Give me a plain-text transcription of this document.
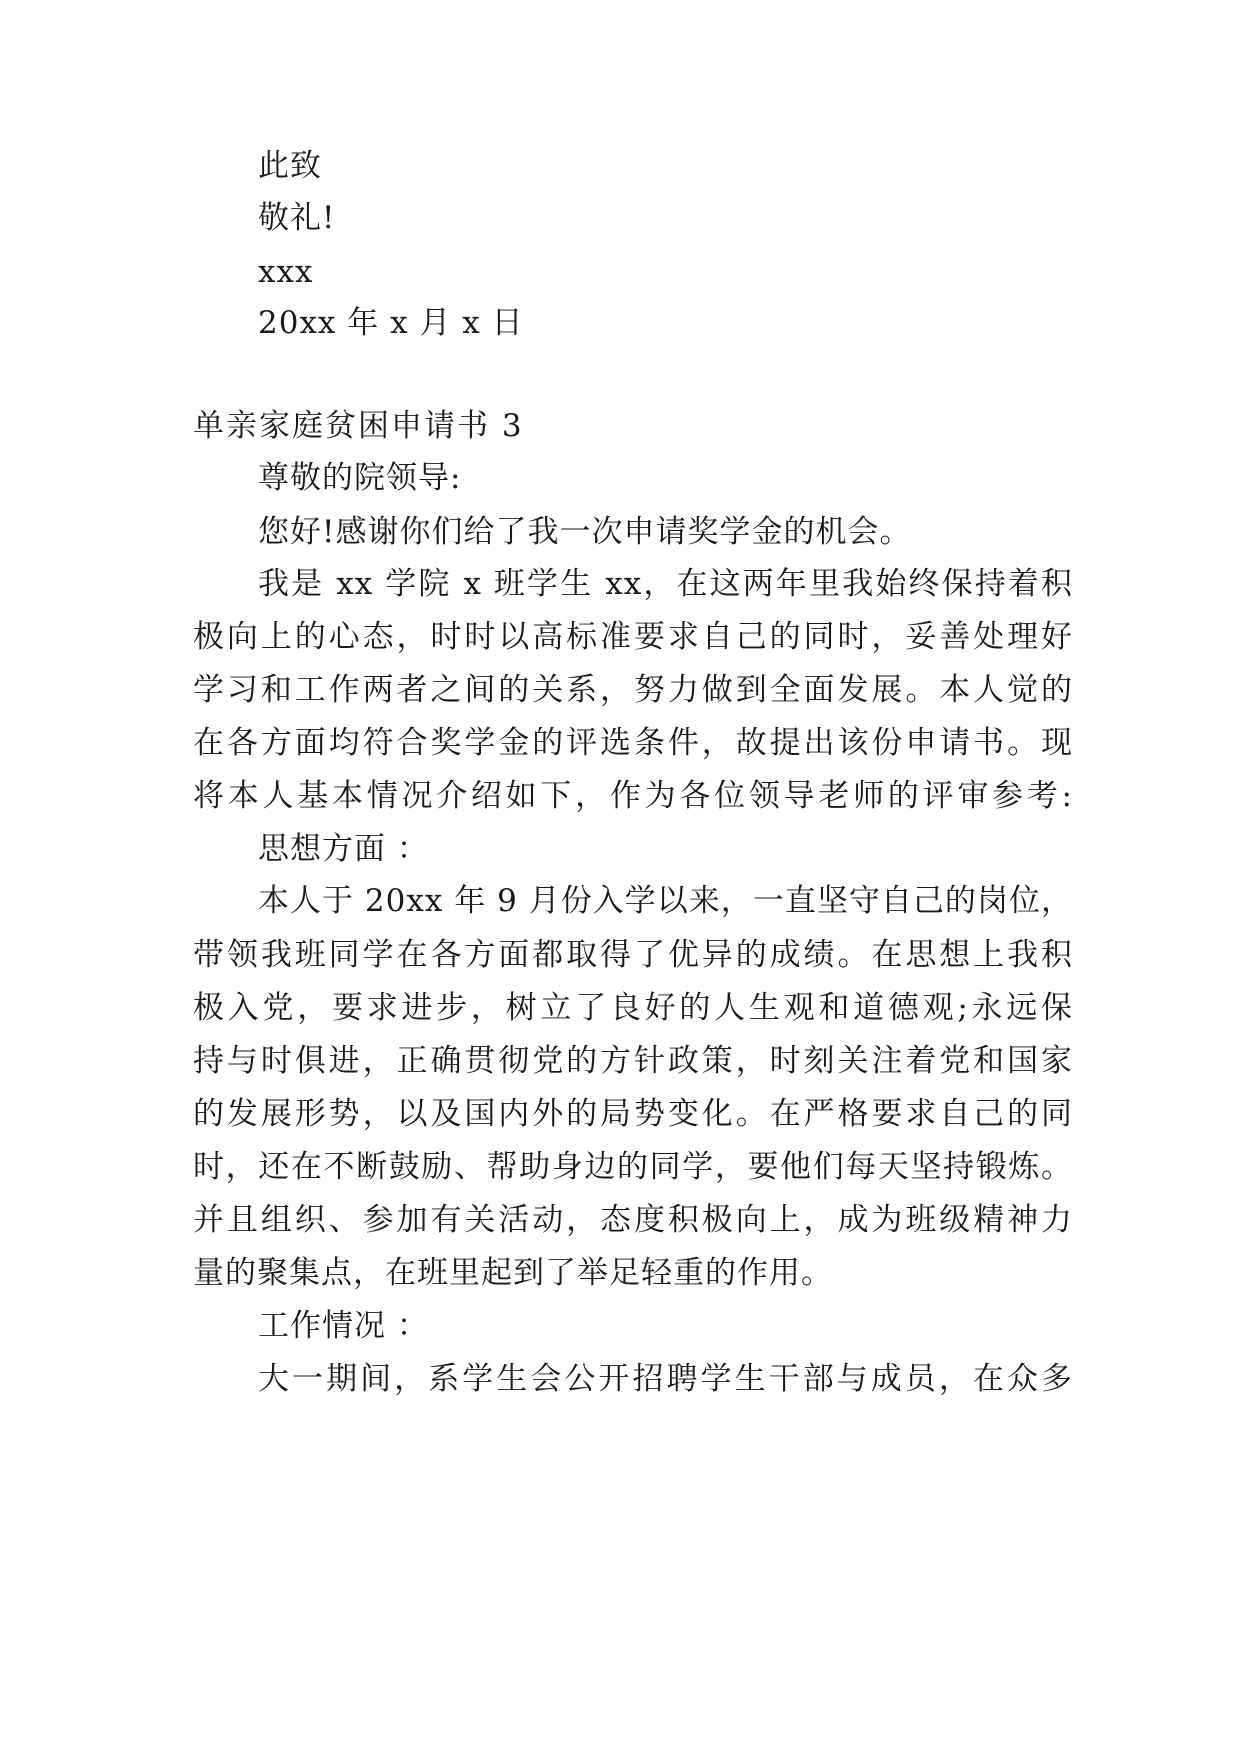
此致
敬礼!
xxx
20xx 年 x 月 x 日
单亲家庭贫困申请书 3
尊敬的院领导:
您好!感谢你们给了我一次申请奖学金的机会。
我是 xx 学院 x 班学生 xx，在这两年里我始终保持着积
极向上的心态，时时以高标准要求自己的同时，妥善处理好
学习和工作两者之间的关系，努力做到全面发展。本人觉的
在各方面均符合奖学金的评选条件，故提出该份申请书。现
将本人基本情况介绍如下，作为各位领导老师的评审参考:
思想方面 ：
本人于 20xx 年 9 月份入学以来，一直坚守自己的岗位，
带领我班同学在各方面都取得了优异的成绩。在思想上我积
极入党，要求进步，树立了良好的人生观和道德观;永远保
持与时俱进，正确贯彻党的方针政策，时刻关注着党和国家
的发展形势，以及国内外的局势变化。在严格要求自己的同
时，还在不断鼓励、帮助身边的同学，要他们每天坚持锻炼。
并且组织、参加有关活动，态度积极向上，成为班级精神力
量的聚集点，在班里起到了举足轻重的作用。
工作情况 ：
大一期间，系学生会公开招聘学生干部与成员，在众多
